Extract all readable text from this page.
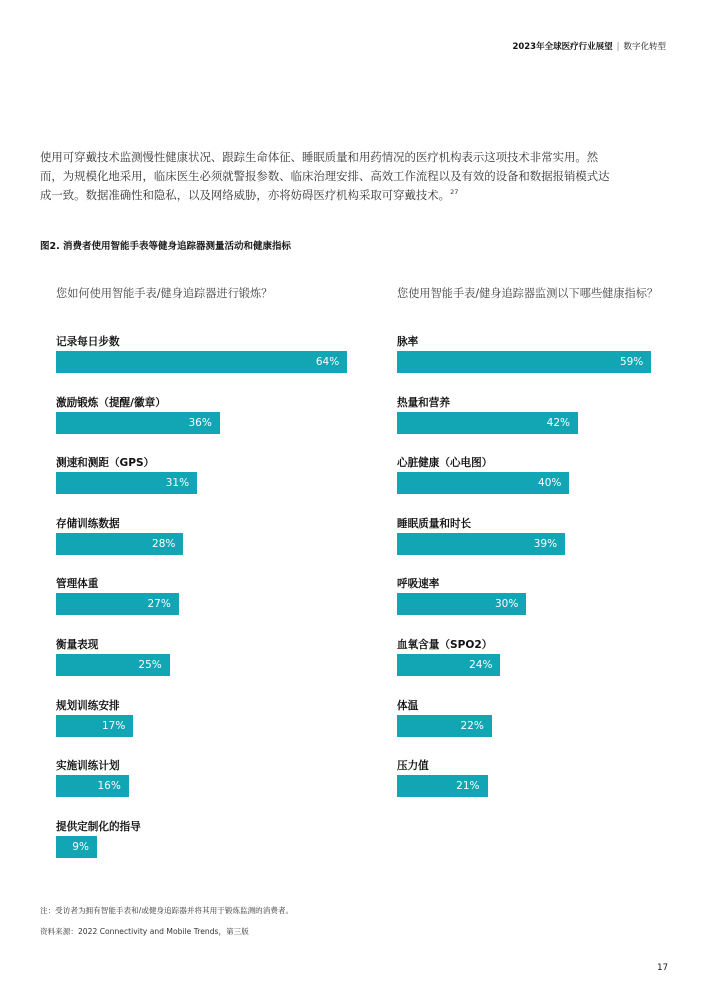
2023年全球医疗行业展望 | 数字化转型
使用可穿戴技术监测慢性健康状况、跟踪生命体征、睡眠质量和用药情况的医疗机构表示这项技术非常实用。然而，为规模化地采用，临床医生必须就警报参数、临床治理安排、高效工作流程以及有效的设备和数据报销模式达成一致。数据准确性和隐私，以及网络威胁，亦将妨碍医疗机构采取可穿戴技术。$^{27}$
图2. 消费者使用智能手表等健身追踪器测量活动和健康指标
您如何使用智能手表/健身追踪器进行锻炼？	您使用智能手表/健身追踪器监测以下哪些健康指标？
记录每日步数
64%
激励锻炼（提醒/徽章）
36%
测速和测距（GPS）
31%
存储训练数据
28%
管理体重
27%
衡量表现
25%
规划训练安排
17%
实施训练计划
16%
提供定制化的指导
9%
脉率
59%
热量和营养
42%
心脏健康（心电图）
40%
睡眠质量和时长
39%
呼吸速率
30%
血氧含量（SPO2）
24%
体温
22%
压力值
21%
注：受访者为拥有智能手表和/或健身追踪器并将其用于锻炼监测的消费者。
资料来源：2022 Connectivity and Mobile Trends，第三版
17
